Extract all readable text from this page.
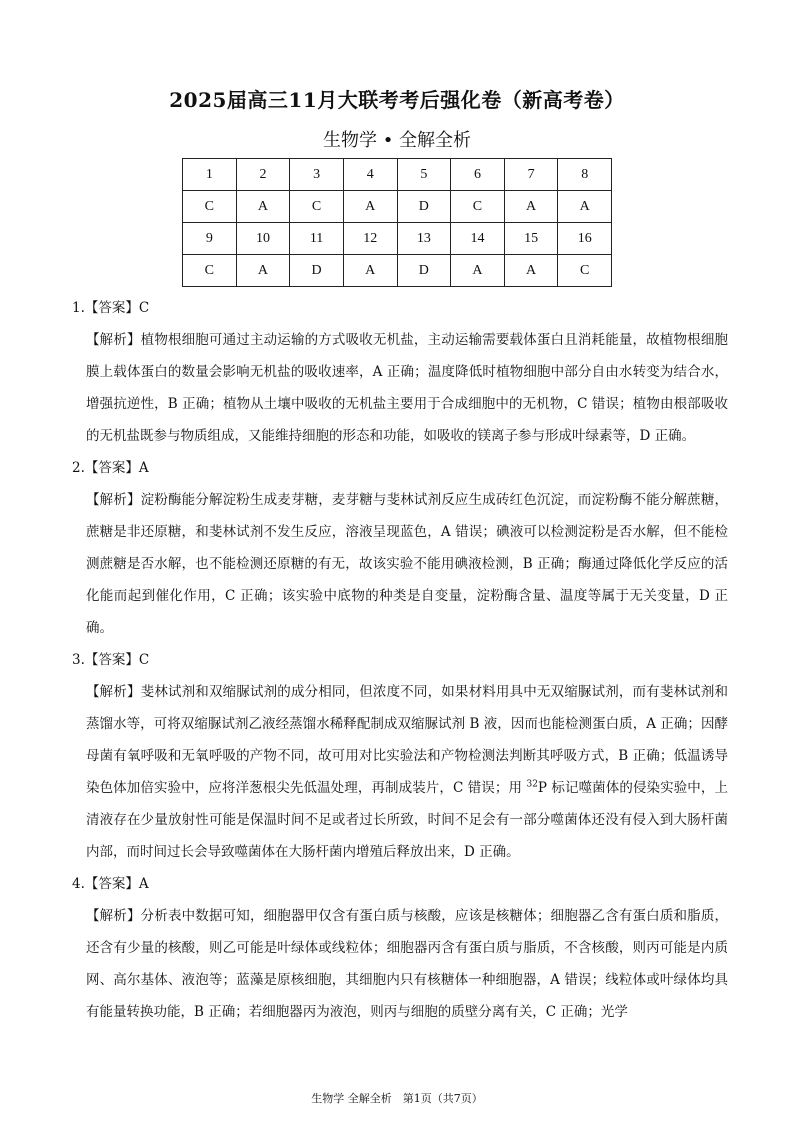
2025届高三11月大联考考后强化卷（新高考卷）
生物学 • 全解全析
1	2	3	4	5	6	7	8
C	A	C	A	D	C	A	A
9	10	11	12	13	14	15	16
C	A	D	A	D	A	A	C

1.【答案】C

【解析】植物根细胞可通过主动运输的方式吸收无机盐，主动运输需要载体蛋白且消耗能量，故植物根细胞膜上载体蛋白的数量会影响无机盐的吸收速率，A 正确；温度降低时植物细胞中部分自由水转变为结合水，增强抗逆性，B 正确；植物从土壤中吸收的无机盐主要用于合成细胞中的无机物，C 错误；植物由根部吸收的无机盐既参与物质组成，又能维持细胞的形态和功能，如吸收的镁离子参与形成叶绿素等，D 正确。

2.【答案】A

【解析】淀粉酶能分解淀粉生成麦芽糖，麦芽糖与斐林试剂反应生成砖红色沉淀，而淀粉酶不能分解蔗糖，蔗糖是非还原糖，和斐林试剂不发生反应，溶液呈现蓝色，A 错误；碘液可以检测淀粉是否水解，但不能检测蔗糖是否水解，也不能检测还原糖的有无，故该实验不能用碘液检测，B 正确；酶通过降低化学反应的活化能而起到催化作用，C 正确；该实验中底物的种类是自变量，淀粉酶含量、温度等属于无关变量，D 正确。

3.【答案】C

【解析】斐林试剂和双缩脲试剂的成分相同，但浓度不同，如果材料用具中无双缩脲试剂，而有斐林试剂和蒸馏水等，可将双缩脲试剂乙液经蒸馏水稀释配制成双缩脲试剂 B 液，因而也能检测蛋白质，A 正确；因酵母菌有氧呼吸和无氧呼吸的产物不同，故可用对比实验法和产物检测法判断其呼吸方式，B 正确；低温诱导染色体加倍实验中，应将洋葱根尖先低温处理，再制成装片，C 错误；用 $^{32}$P 标记噬菌体的侵染实验中，上清液存在少量放射性可能是保温时间不足或者过长所致，时间不足会有一部分噬菌体还没有侵入到大肠杆菌内部，而时间过长会导致噬菌体在大肠杆菌内增殖后释放出来，D 正确。

4.【答案】A

【解析】分析表中数据可知，细胞器甲仅含有蛋白质与核酸，应该是核糖体；细胞器乙含有蛋白质和脂质，还含有少量的核酸，则乙可能是叶绿体或线粒体；细胞器丙含有蛋白质与脂质，不含核酸，则丙可能是内质网、高尔基体、液泡等；蓝藻是原核细胞，其细胞内只有核糖体一种细胞器，A 错误；线粒体或叶绿体均具有能量转换功能，B 正确；若细胞器丙为液泡，则丙与细胞的质壁分离有关，C 正确；光学

生物学 全解全析　第1页（共7页）
